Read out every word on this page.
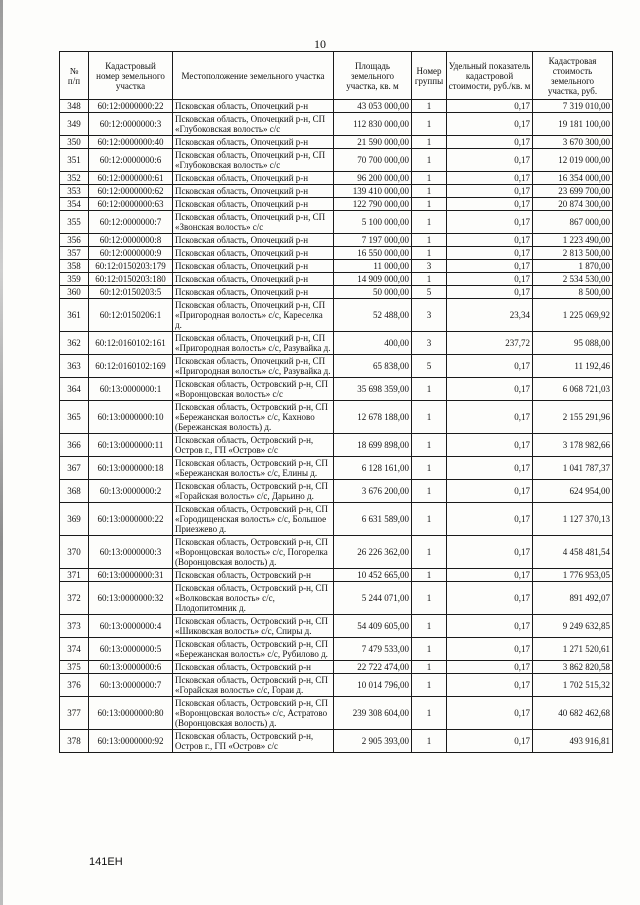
10
№
п/п	Кадастровый
номер земельного
участка	Местоположение земельного участка	Площадь
земельного
участка, кв. м	Номер
группы	Удельный показатель
кадастровой
стоимости, руб./кв. м	Кадастровая
стоимость
земельного
участка, руб.
348	60:12:0000000:22	Псковская область, Опочецкий р-н	43 053 000,00	1	0,17	7 319 010,00
349	60:12:0000000:3	Псковская область, Опочецкий р-н, СП «Глубоковская волость» с/с	112 830 000,00	1	0,17	19 181 100,00
350	60:12:0000000:40	Псковская область, Опочецкий р-н	21 590 000,00	1	0,17	3 670 300,00
351	60:12:0000000:6	Псковская область, Опочецкий р-н, СП «Глубоковская волость» с/с	70 700 000,00	1	0,17	12 019 000,00
352	60:12:0000000:61	Псковская область, Опочецкий р-н	96 200 000,00	1	0,17	16 354 000,00
353	60:12:0000000:62	Псковская область, Опочецкий р-н	139 410 000,00	1	0,17	23 699 700,00
354	60:12:0000000:63	Псковская область, Опочецкий р-н	122 790 000,00	1	0,17	20 874 300,00
355	60:12:0000000:7	Псковская область, Опочецкий р-н, СП «Звонская волость» с/с	5 100 000,00	1	0,17	867 000,00
356	60:12:0000000:8	Псковская область, Опочецкий р-н	7 197 000,00	1	0,17	1 223 490,00
357	60:12:0000000:9	Псковская область, Опочецкий р-н	16 550 000,00	1	0,17	2 813 500,00
358	60:12:0150203:179	Псковская область, Опочецкий р-н	11 000,00	3	0,17	1 870,00
359	60:12:0150203:180	Псковская область, Опочецкий р-н	14 909 000,00	1	0,17	2 534 530,00
360	60:12:0150203:5	Псковская область, Опочецкий р-н	50 000,00	5	0,17	8 500,00
361	60:12:0150206:1	Псковская область, Опочецкий р-н, СП «Пригородная волость» с/с, Кареселка д.	52 488,00	3	23,34	1 225 069,92
362	60:12:0160102:161	Псковская область, Опочецкий р-н, СП «Пригородная волость» с/с, Разувайка д.	400,00	3	237,72	95 088,00
363	60:12:0160102:169	Псковская область, Опочецкий р-н, СП «Пригородная волость» с/с, Разувайка д.	65 838,00	5	0,17	11 192,46
364	60:13:0000000:1	Псковская область, Островский р-н, СП «Воронцовская волость» с/с	35 698 359,00	1	0,17	6 068 721,03
365	60:13:0000000:10	Псковская область, Островский р-н, СП «Бережанская волость» с/с, Кахново (Бережанская волость) д.	12 678 188,00	1	0,17	2 155 291,96
366	60:13:0000000:11	Псковская область, Островский р-н, Остров г., ГП «Остров» с/с	18 699 898,00	1	0,17	3 178 982,66
367	60:13:0000000:18	Псковская область, Островский р-н, СП «Бережанская волость» с/с, Елины д.	6 128 161,00	1	0,17	1 041 787,37
368	60:13:0000000:2	Псковская область, Островский р-н, СП «Горайская волость» с/с, Дарьино д.	3 676 200,00	1	0,17	624 954,00
369	60:13:0000000:22	Псковская область, Островский р-н, СП «Городищенская волость» с/с, Большое Приезжево д.	6 631 589,00	1	0,17	1 127 370,13
370	60:13:0000000:3	Псковская область, Островский р-н, СП «Воронцовская волость» с/с, Погорелка (Воронцовская волость) д.	26 226 362,00	1	0,17	4 458 481,54
371	60:13:0000000:31	Псковская область, Островский р-н	10 452 665,00	1	0,17	1 776 953,05
372	60:13:0000000:32	Псковская область, Островский р-н, СП «Волковская волость» с/с, Плодопитомник д.	5 244 071,00	1	0,17	891 492,07
373	60:13:0000000:4	Псковская область, Островский р-н, СП «Шиковская волость» с/с, Спиры д.	54 409 605,00	1	0,17	9 249 632,85
374	60:13:0000000:5	Псковская область, Островский р-н, СП «Бережанская волость» с/с, Рубилово д.	7 479 533,00	1	0,17	1 271 520,61
375	60:13:0000000:6	Псковская область, Островский р-н	22 722 474,00	1	0,17	3 862 820,58
376	60:13:0000000:7	Псковская область, Островский р-н, СП «Горайская волость» с/с, Гораи д.	10 014 796,00	1	0,17	1 702 515,32
377	60:13:0000000:80	Псковская область, Островский р-н, СП «Воронцовская волость» с/с, Астратово (Воронцовская волость) д.	239 308 604,00	1	0,17	40 682 462,68
378	60:13:0000000:92	Псковская область, Островский р-н, Остров г., ГП «Остров» с/с	2 905 393,00	1	0,17	493 916,81
141ЕН
